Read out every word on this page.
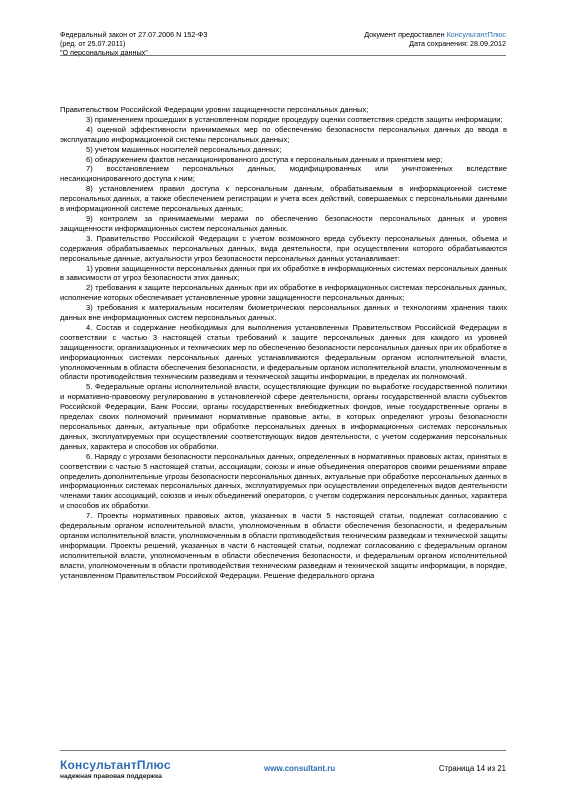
Федеральный закон от 27.07.2006 N 152-ФЗ
(ред. от 25.07.2011)
"О персональных данных"
Документ предоставлен КонсультантПлюс
Дата сохранения: 28.09.2012

Правительством Российской Федерации уровни защищенности персональных данных;

3) применением прошедших в установленном порядке процедуру оценки соответствия средств защиты информации;

4) оценкой эффективности принимаемых мер по обеспечению безопасности персональных данных до ввода в эксплуатацию информационной системы персональных данных;

5) учетом машинных носителей персональных данных;

6) обнаружением фактов несанкционированного доступа к персональным данным и принятием мер;

7) восстановлением персональных данных, модифицированных или уничтоженных вследствие несанкционированного доступа к ним;

8) установлением правил доступа к персональным данным, обрабатываемым в информационной системе персональных данных, а также обеспечением регистрации и учета всех действий, совершаемых с персональными данными в информационной системе персональных данных;

9) контролем за принимаемыми мерами по обеспечению безопасности персональных данных и уровня защищенности информационных систем персональных данных.

3. Правительство Российской Федерации с учетом возможного вреда субъекту персональных данных, объема и содержания обрабатываемых персональных данных, вида деятельности, при осуществлении которого обрабатываются персональные данные, актуальности угроз безопасности персональных данных устанавливает:

1) уровни защищенности персональных данных при их обработке в информационных системах персональных данных в зависимости от угроз безопасности этих данных;

2) требования к защите персональных данных при их обработке в информационных системах персональных данных, исполнение которых обеспечивает установленные уровни защищенности персональных данных;

3) требования к материальным носителям биометрических персональных данных и технологиям хранения таких данных вне информационных систем персональных данных.

4. Состав и содержание необходимых для выполнения установленных Правительством Российской Федерации в соответствии с частью 3 настоящей статьи требований к защите персональных данных для каждого из уровней защищенности, организационных и технических мер по обеспечению безопасности персональных данных при их обработке в информационных системах персональных данных устанавливаются федеральным органом исполнительной власти, уполномоченным в области обеспечения безопасности, и федеральным органом исполнительной власти, уполномоченным в области противодействия техническим разведкам и технической защиты информации, в пределах их полномочий.

5. Федеральные органы исполнительной власти, осуществляющие функции по выработке государственной политики и нормативно-правовому регулированию в установленной сфере деятельности, органы государственной власти субъектов Российской Федерации, Банк России, органы государственных внебюджетных фондов, иные государственные органы в пределах своих полномочий принимают нормативные правовые акты, в которых определяют угрозы безопасности персональных данных, актуальные при обработке персональных данных в информационных системах персональных данных, эксплуатируемых при осуществлении соответствующих видов деятельности, с учетом содержания персональных данных, характера и способов их обработки.

6. Наряду с угрозами безопасности персональных данных, определенных в нормативных правовых актах, принятых в соответствии с частью 5 настоящей статьи, ассоциации, союзы и иные объединения операторов своими решениями вправе определить дополнительные угрозы безопасности персональных данных, актуальные при обработке персональных данных в информационных системах персональных данных, эксплуатируемых при осуществлении определенных видов деятельности членами таких ассоциаций, союзов и иных объединений операторов, с учетом содержания персональных данных, характера и способов их обработки.

7. Проекты нормативных правовых актов, указанных в части 5 настоящей статьи, подлежат согласованию с федеральным органом исполнительной власти, уполномоченным в области обеспечения безопасности, и федеральным органом исполнительной власти, уполномоченным в области противодействия техническим разведкам и технической защиты информации. Проекты решений, указанных в части 6 настоящей статьи, подлежат согласованию с федеральным органом исполнительной власти, уполномоченным в области обеспечения безопасности, и федеральным органом исполнительной власти, уполномоченным в области противодействия техническим разведкам и технической защиты информации, в порядке, установленном Правительством Российской Федерации. Решение федерального органа

КонсультантПлюс
надежная правовая поддержка
www.consultant.ru	Страница 14 из 21
